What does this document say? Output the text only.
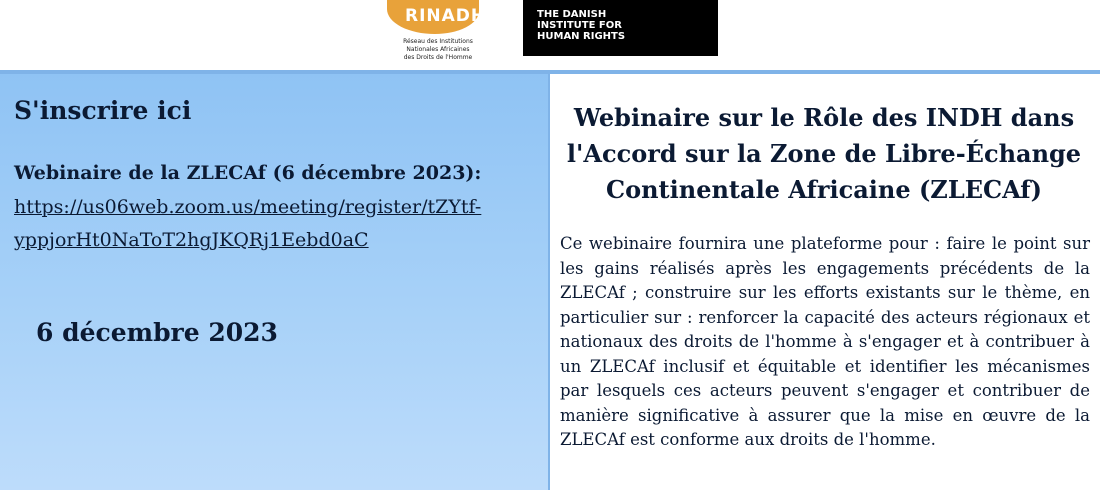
RINADH
Réseau des Institutions
Nationales Africaines
des Droits de l'Homme
THE DANISH
INSTITUTE FOR
HUMAN RIGHTS
S'inscrire ici
Webinaire de la ZLECAf (6 décembre 2023):
https://us06web.zoom.us/meeting/register/tZYtf-
yppjorHt0NaToT2hgJKQRj1Eebd0aC
6 décembre 2023
Webinaire sur le Rôle des INDH dans l'Accord sur la Zone de Libre-Échange Continentale Africaine (ZLECAf)
Ce webinaire fournira une plateforme pour : faire le point sur les gains réalisés après les engagements précédents de la ZLECAf ; construire sur les efforts existants sur le thème, en particulier sur : renforcer la capacité des acteurs régionaux et nationaux des droits de l'homme à s'engager et à contribuer à un ZLECAf inclusif et équitable et identifier les mécanismes par lesquels ces acteurs peuvent s'engager et contribuer de manière significative à assurer que la mise en œuvre de la ZLECAf est conforme aux droits de l'homme.
